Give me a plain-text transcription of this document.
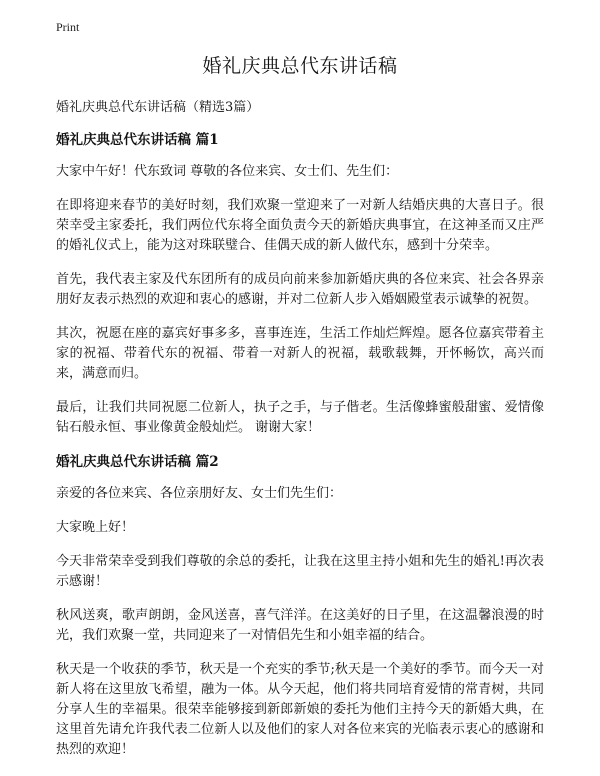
Print
婚礼庆典总代东讲话稿

婚礼庆典总代东讲话稿（精选3篇）

婚礼庆典总代东讲话稿 篇1

大家中午好！代东致词 尊敬的各位来宾、女士们、先生们：

在即将迎来春节的美好时刻，我们欢聚一堂迎来了一对新人结婚庆典的大喜日子。很荣幸受主家委托，我们两位代东将全面负责今天的新婚庆典事宜，在这神圣而又庄严的婚礼仪式上，能为这对珠联璧合、佳偶天成的新人做代东，感到十分荣幸。

首先，我代表主家及代东团所有的成员向前来参加新婚庆典的各位来宾、社会各界亲朋好友表示热烈的欢迎和衷心的感谢，并对二位新人步入婚姻殿堂表示诚挚的祝贺。

其次，祝愿在座的嘉宾好事多多，喜事连连，生活工作灿烂辉煌。愿各位嘉宾带着主家的祝福、带着代东的祝福、带着一对新人的祝福，载歌载舞，开怀畅饮，高兴而来，满意而归。

最后，让我们共同祝愿二位新人，执子之手，与子偕老。生活像蜂蜜般甜蜜、爱情像钻石般永恒、事业像黄金般灿烂。 谢谢大家！

婚礼庆典总代东讲话稿 篇2

亲爱的各位来宾、各位亲朋好友、女士们先生们：

大家晚上好！

今天非常荣幸受到我们尊敬的余总的委托，让我在这里主持小姐和先生的婚礼!再次表示感谢！

秋风送爽，歌声朗朗，金风送喜，喜气洋洋。在这美好的日子里，在这温馨浪漫的时光，我们欢聚一堂，共同迎来了一对情侣先生和小姐幸福的结合。

秋天是一个收获的季节，秋天是一个充实的季节;秋天是一个美好的季节。而今天一对新人将在这里放飞希望，融为一体。从今天起，他们将共同培育爱情的常青树，共同分享人生的幸福果。很荣幸能够接到新郎新娘的委托为他们主持今天的新婚大典，在这里首先请允许我代表二位新人以及他们的家人对各位来宾的光临表示衷心的感谢和热烈的欢迎！
